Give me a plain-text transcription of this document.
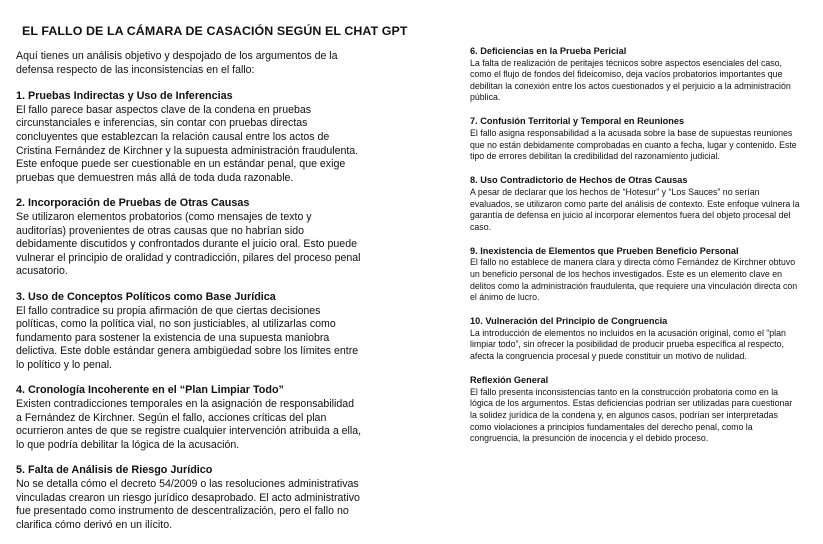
EL FALLO DE LA CÁMARA DE CASACIÓN SEGÚN EL CHAT GPT

Aquí tienes un análisis objetivo y despojado de los argumentos de la defensa respecto de las inconsistencias en el fallo:

1. Pruebas Indirectas y Uso de Inferencias

El fallo parece basar aspectos clave de la condena en pruebas circunstanciales e inferencias, sin contar con pruebas directas concluyentes que establezcan la relación causal entre los actos de Cristina Fernández de Kirchner y la supuesta administración fraudulenta. Este enfoque puede ser cuestionable en un estándar penal, que exige pruebas que demuestren más allá de toda duda razonable.

2. Incorporación de Pruebas de Otras Causas

Se utilizaron elementos probatorios (como mensajes de texto y auditorías) provenientes de otras causas que no habrían sido debidamente discutidos y confrontados durante el juicio oral. Esto puede vulnerar el principio de oralidad y contradicción, pilares del proceso penal acusatorio.

3. Uso de Conceptos Políticos como Base Jurídica

El fallo contradice su propia afirmación de que ciertas decisiones políticas, como la política vial, no son justiciables, al utilizarlas como fundamento para sostener la existencia de una supuesta maniobra delictiva. Este doble estándar genera ambigüedad sobre los límites entre lo político y lo penal.

4. Cronología Incoherente en el “Plan Limpiar Todo”

Existen contradicciones temporales en la asignación de responsabilidad a Fernández de Kirchner. Según el fallo, acciones críticas del plan ocurrieron antes de que se registre cualquier intervención atribuida a ella, lo que podría debilitar la lógica de la acusación.

5. Falta de Análisis de Riesgo Jurídico

No se detalla cómo el decreto 54/2009 o las resoluciones administrativas vinculadas crearon un riesgo jurídico desaprobado. El acto administrativo fue presentado como instrumento de descentralización, pero el fallo no clarifica cómo derivó en un ilícito.

6. Deficiencias en la Prueba Pericial

La falta de realización de peritajes técnicos sobre aspectos esenciales del caso, como el flujo de fondos del fideicomiso, deja vacíos probatorios importantes que debilitan la conexión entre los actos cuestionados y el perjuicio a la administración pública.

7. Confusión Territorial y Temporal en Reuniones

El fallo asigna responsabilidad a la acusada sobre la base de supuestas reuniones que no están debidamente comprobadas en cuanto a fecha, lugar y contenido. Este tipo de errores debilitan la credibilidad del razonamiento judicial.

8. Uso Contradictorio de Hechos de Otras Causas

A pesar de declarar que los hechos de “Hotesur” y “Los Sauces” no serían evaluados, se utilizaron como parte del análisis de contexto. Este enfoque vulnera la garantía de defensa en juicio al incorporar elementos fuera del objeto procesal del caso.

9. Inexistencia de Elementos que Prueben Beneficio Personal

El fallo no establece de manera clara y directa cómo Fernández de Kirchner obtuvo un beneficio personal de los hechos investigados. Este es un elemento clave en delitos como la administración fraudulenta, que requiere una vinculación directa con el ánimo de lucro.

10. Vulneración del Principio de Congruencia

La introducción de elementos no incluidos en la acusación original, como el “plan limpiar todo”, sin ofrecer la posibilidad de producir prueba específica al respecto, afecta la congruencia procesal y puede constituir un motivo de nulidad.

Reflexión General

El fallo presenta inconsistencias tanto en la construcción probatoria como en la lógica de los argumentos. Estas deficiencias podrían ser utilizadas para cuestionar la solidez jurídica de la condena y, en algunos casos, podrían ser interpretadas como violaciones a principios fundamentales del derecho penal, como la congruencia, la presunción de inocencia y el debido proceso.
